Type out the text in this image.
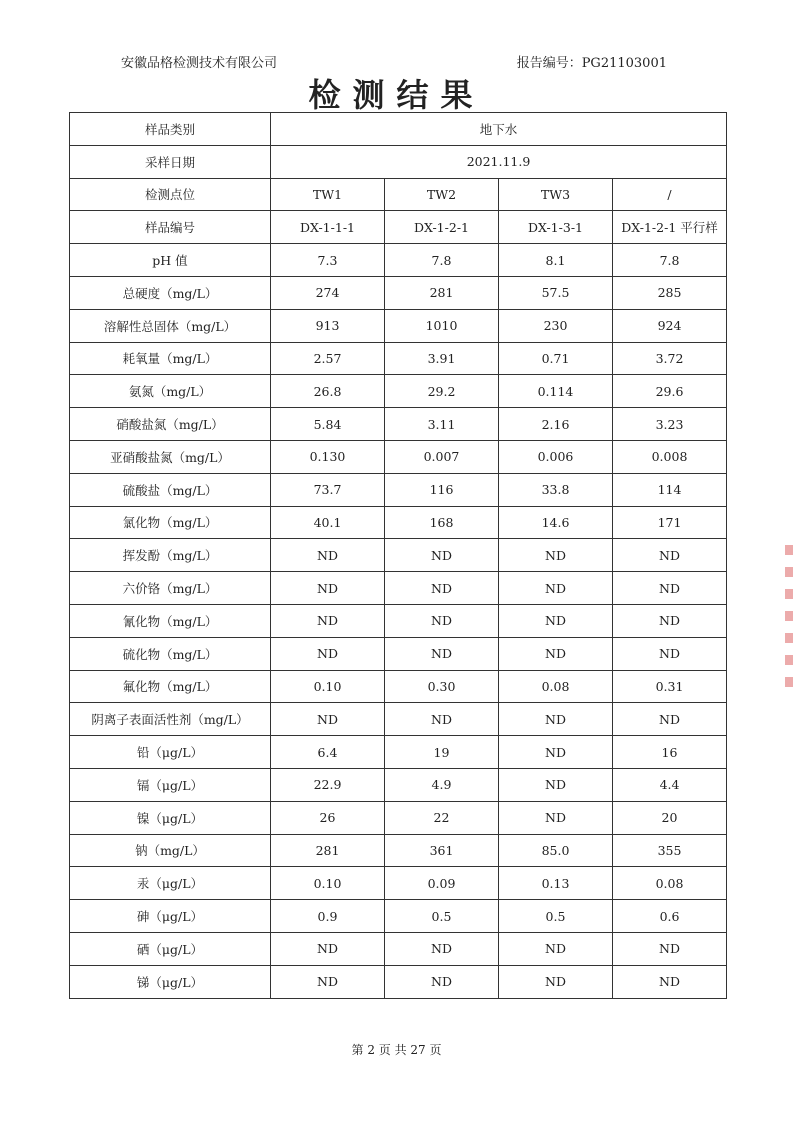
安徽品格检测技术有限公司	报告编号：PG21103001
检测结果
样品类别	地下水			
采样日期	2021.11.9			
检测点位	TW1	TW2	TW3	/
样品编号	DX-1-1-1	DX-1-2-1	DX-1-3-1	DX-1-2-1 平行样
pH 值	7.3	7.8	8.1	7.8
总硬度（mg/L）	274	281	57.5	285
溶解性总固体（mg/L）	913	1010	230	924
耗氧量（mg/L）	2.57	3.91	0.71	3.72
氨氮（mg/L）	26.8	29.2	0.114	29.6
硝酸盐氮（mg/L）	5.84	3.11	2.16	3.23
亚硝酸盐氮（mg/L）	0.130	0.007	0.006	0.008
硫酸盐（mg/L）	73.7	116	33.8	114
氯化物（mg/L）	40.1	168	14.6	171
挥发酚（mg/L）	ND	ND	ND	ND
六价铬（mg/L）	ND	ND	ND	ND
氰化物（mg/L）	ND	ND	ND	ND
硫化物（mg/L）	ND	ND	ND	ND
氟化物（mg/L）	0.10	0.30	0.08	0.31
阴离子表面活性剂（mg/L）	ND	ND	ND	ND
铅（μg/L）	6.4	19	ND	16
镉（μg/L）	22.9	4.9	ND	4.4
镍（μg/L）	26	22	ND	20
钠（mg/L）	281	361	85.0	355
汞（μg/L）	0.10	0.09	0.13	0.08
砷（μg/L）	0.9	0.5	0.5	0.6
硒（μg/L）	ND	ND	ND	ND
锑（μg/L）	ND	ND	ND	ND
第 2 页 共 27 页
